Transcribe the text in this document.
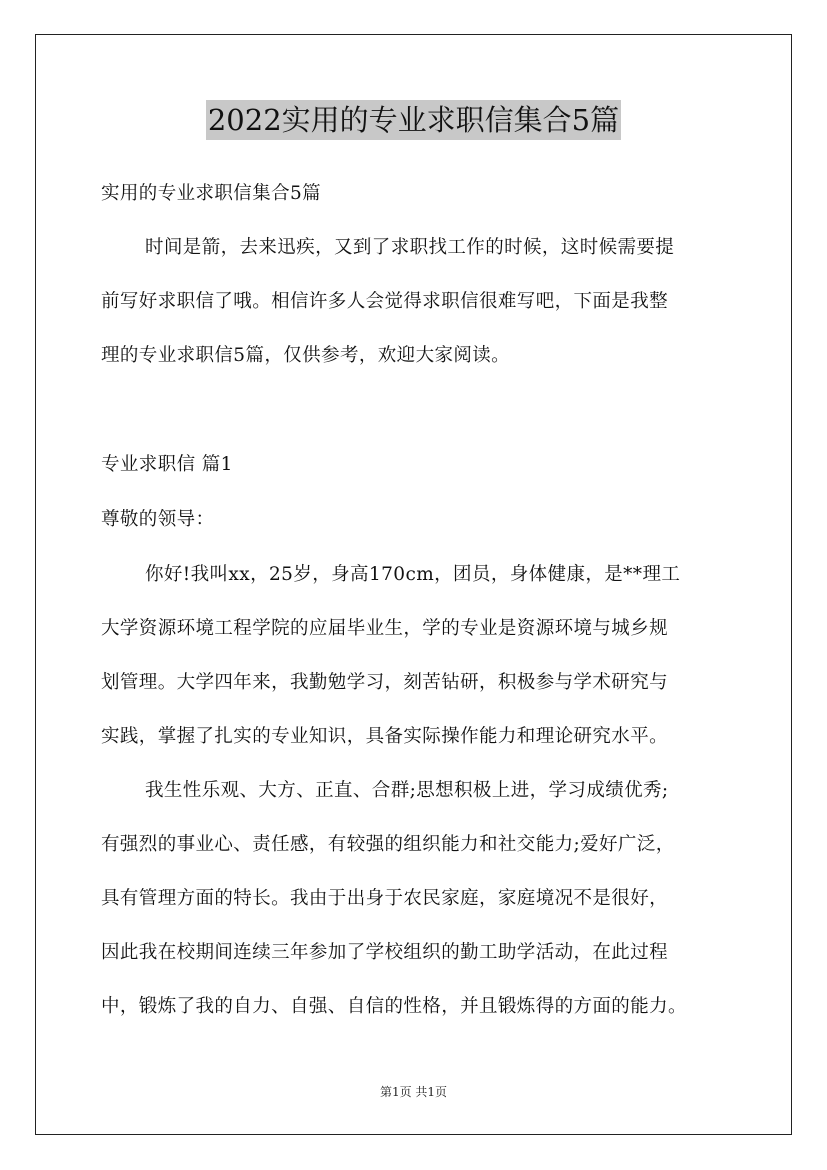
2022实用的专业求职信集合5篇
实用的专业求职信集合5篇
时间是箭，去来迅疾，又到了求职找工作的时候，这时候需要提
前写好求职信了哦。相信许多人会觉得求职信很难写吧，下面是我整
理的专业求职信5篇，仅供参考，欢迎大家阅读。
专业求职信 篇1
尊敬的领导：
你好!我叫xx，25岁，身高170cm，团员，身体健康，是**理工
大学资源环境工程学院的应届毕业生，学的专业是资源环境与城乡规
划管理。大学四年来，我勤勉学习，刻苦钻研，积极参与学术研究与
实践，掌握了扎实的专业知识，具备实际操作能力和理论研究水平。
我生性乐观、大方、正直、合群;思想积极上进，学习成绩优秀;
有强烈的事业心、责任感，有较强的组织能力和社交能力;爱好广泛，
具有管理方面的特长。我由于出身于农民家庭，家庭境况不是很好，
因此我在校期间连续三年参加了学校组织的勤工助学活动，在此过程
中，锻炼了我的自力、自强、自信的性格，并且锻炼得的方面的能力。
第1页 共1页
